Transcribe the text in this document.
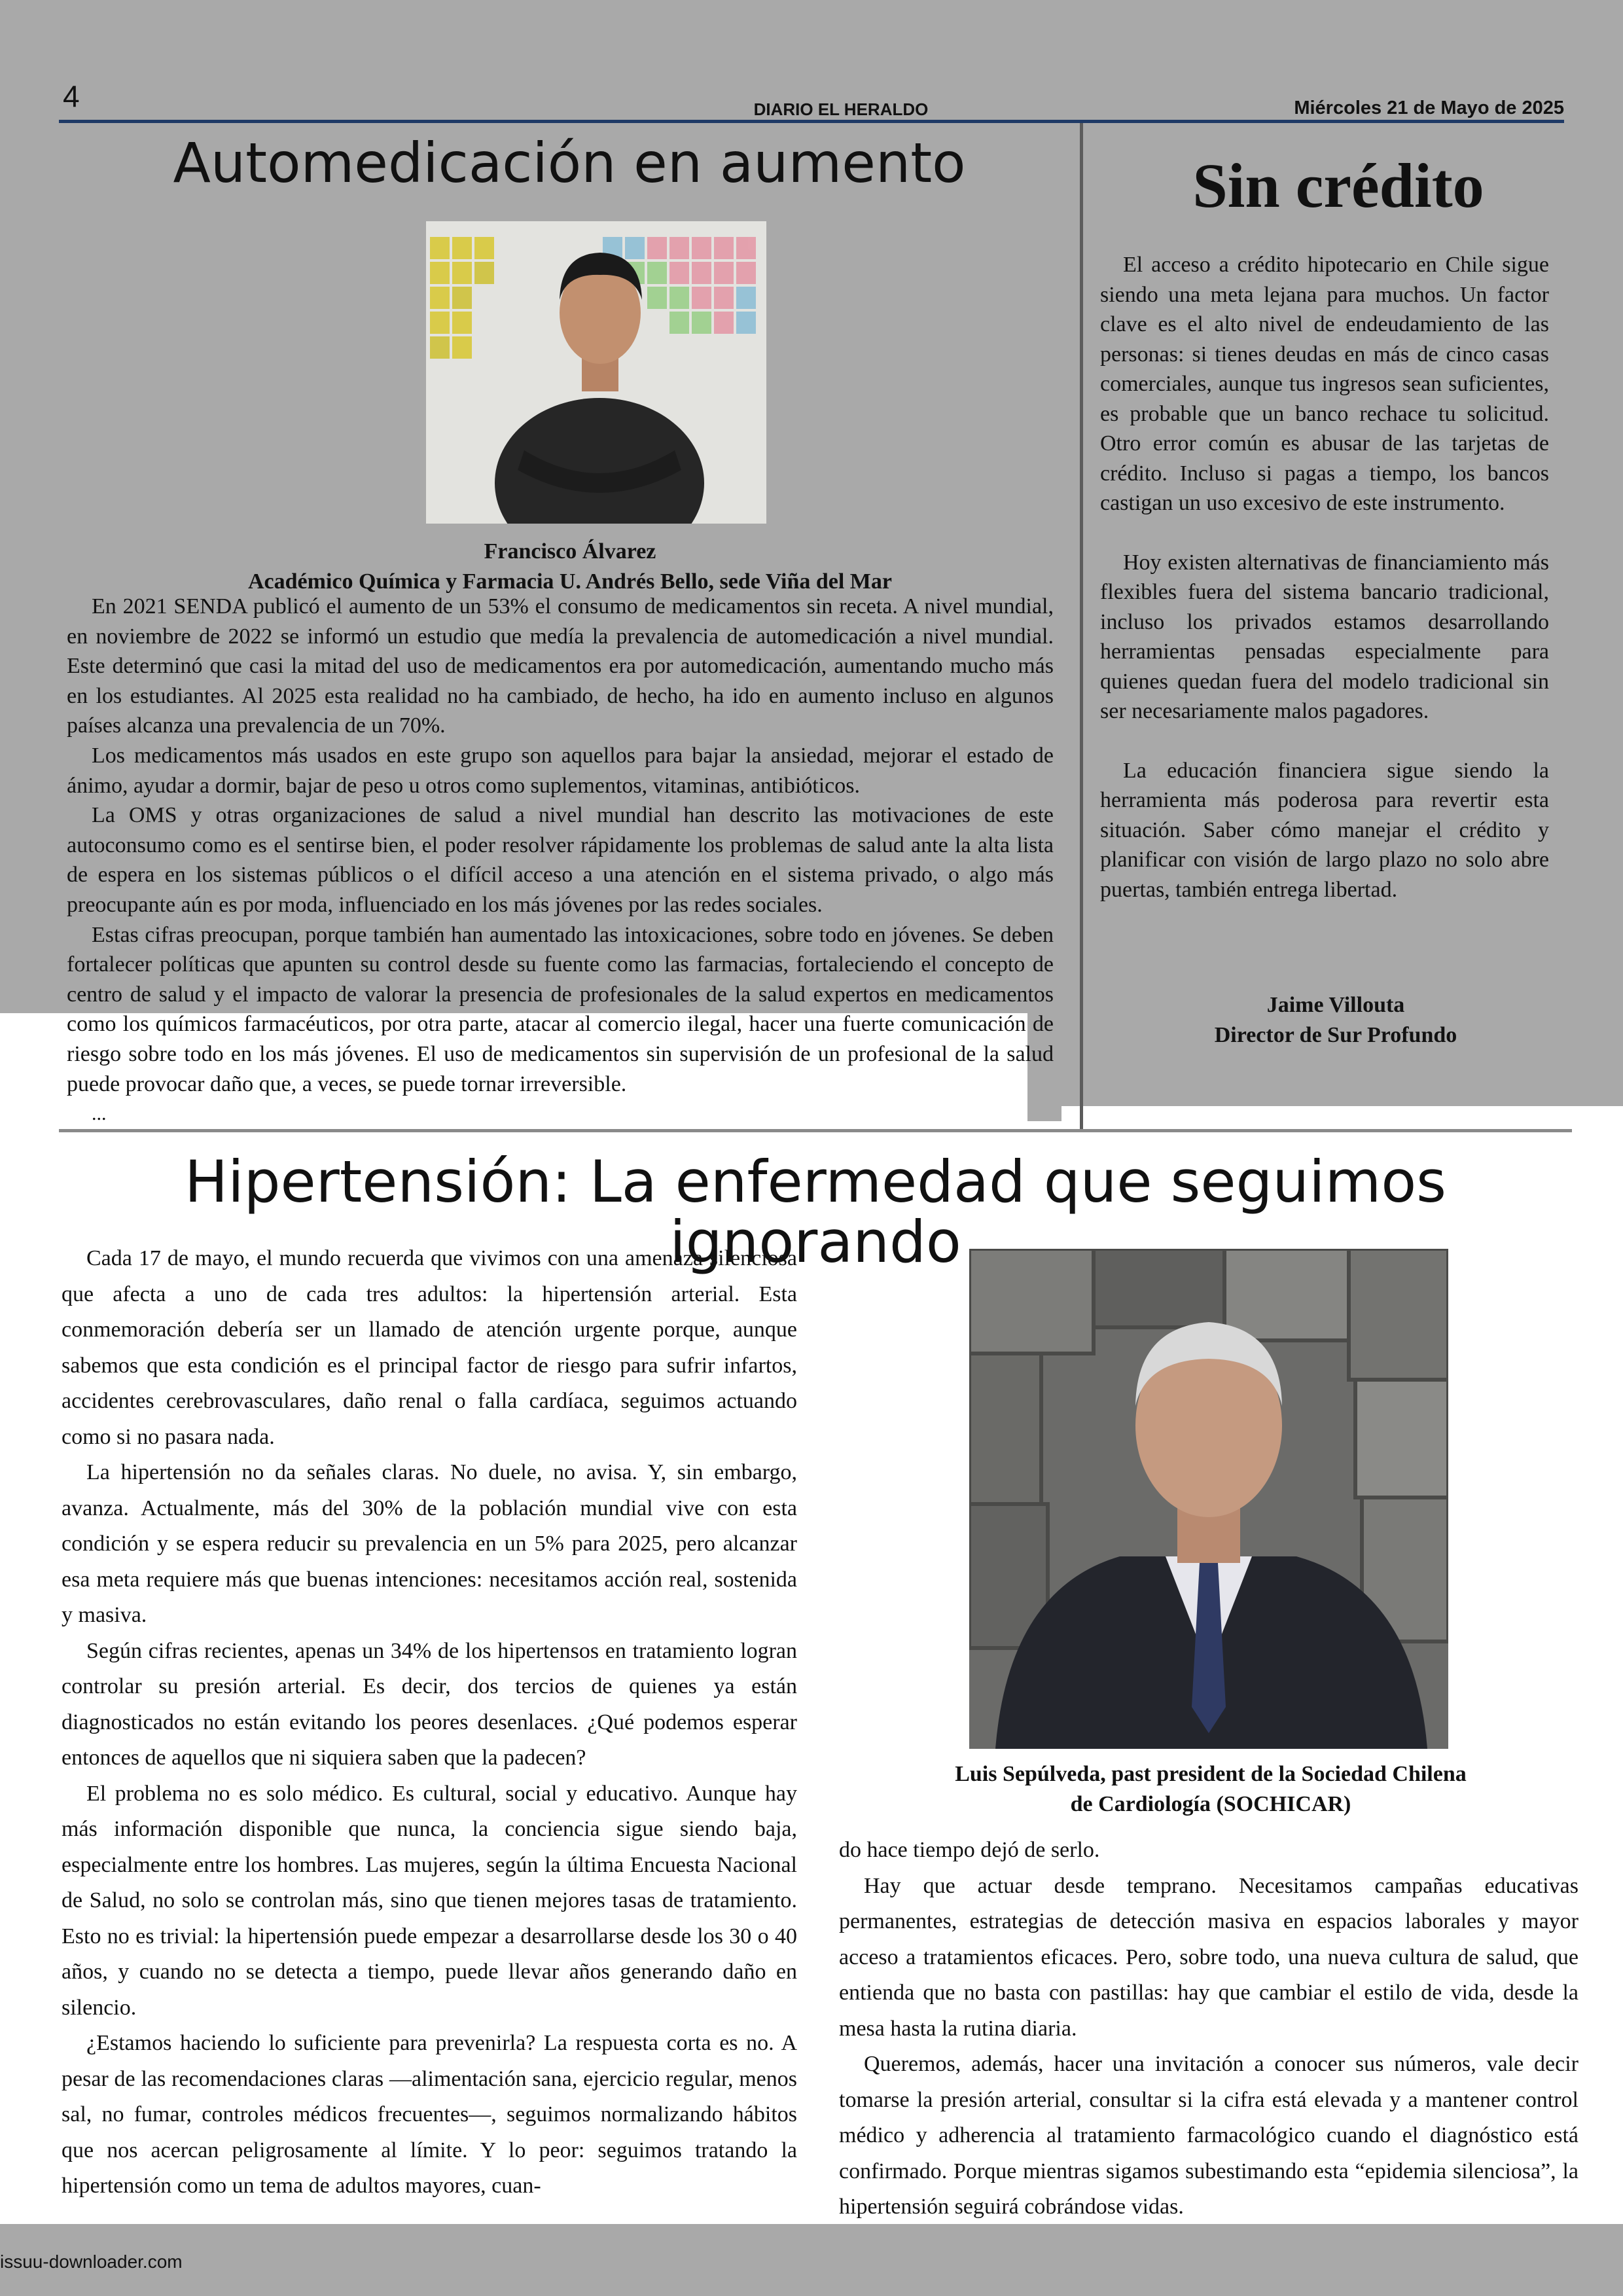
4	DIARIO EL HERALDO	Miércoles 21 de Mayo de 2025
Automedicación en aumento
Francisco Álvarez
Académico Química y Farmacia U. Andrés Bello, sede Viña del Mar

En 2021 SENDA publicó el aumento de un 53% el consumo de medicamentos sin receta. A nivel mundial, en noviembre de 2022 se informó un estudio que medía la prevalencia de automedicación a nivel mundial. Este determinó que casi la mitad del uso de medicamentos era por automedicación, aumentando mucho más en los estudiantes. Al 2025 esta realidad no ha cambiado, de hecho, ha ido en aumento incluso en algunos países alcanza una prevalencia de un 70%.

Los medicamentos más usados en este grupo son aquellos para bajar la ansiedad, mejorar el estado de ánimo, ayudar a dormir, bajar de peso u otros como suplementos, vitaminas, antibióticos.

La OMS y otras organizaciones de salud a nivel mundial han descrito las motivaciones de este autoconsumo como es el sentirse bien, el poder resolver rápidamente los problemas de salud ante la alta lista de espera en los sistemas públicos o el difícil acceso a una atención en el sistema privado, o algo más preocupante aún es por moda, influenciado en los más jóvenes por las redes sociales.

Estas cifras preocupan, porque también han aumentado las intoxicaciones, sobre todo en jóvenes. Se deben fortalecer políticas que apunten su control desde su fuente como las farmacias, fortaleciendo el concepto de centro de salud y el impacto de valorar la presencia de profesionales de la salud expertos en medicamentos como los químicos farmacéuticos, por otra parte, atacar al comercio ilegal, hacer una fuerte comunicación de riesgo sobre todo en los más jóvenes. El uso de medicamentos sin supervisión de un profesional de la salud puede provocar daño que, a veces, se puede tornar irreversible.

...
Sin crédito

El acceso a crédito hipotecario en Chile sigue siendo una meta lejana para muchos. Un factor clave es el alto nivel de endeudamiento de las personas: si tienes deudas en más de cinco casas comerciales, aunque tus ingresos sean suficientes, es probable que un banco rechace tu solicitud. Otro error común es abusar de las tarjetas de crédito. Incluso si pagas a tiempo, los bancos castigan un uso excesivo de este instrumento.

Hoy existen alternativas de financiamiento más flexibles fuera del sistema bancario tradicional, incluso los privados estamos desarrollando herramientas pensadas especialmente para quienes quedan fuera del modelo tradicional sin ser necesariamente malos pagadores.

La educación financiera sigue siendo la herramienta más poderosa para revertir esta situación. Saber cómo manejar el crédito y planificar con visión de largo plazo no solo abre puertas, también entrega libertad.

Jaime Villouta
Director de Sur Profundo
Hipertensión: La enfermedad que seguimos ignorando

Cada 17 de mayo, el mundo recuerda que vivimos con una amenaza silenciosa que afecta a uno de cada tres adultos: la hipertensión arterial. Esta conmemoración debería ser un llamado de atención urgente porque, aunque sabemos que esta condición es el principal factor de riesgo para sufrir infartos, accidentes cerebrovasculares, daño renal o falla cardíaca, seguimos actuando como si no pasara nada.

La hipertensión no da señales claras. No duele, no avisa. Y, sin embargo, avanza. Actualmente, más del 30% de la población mundial vive con esta condición y se espera reducir su prevalencia en un 5% para 2025, pero alcanzar esa meta requiere más que buenas intenciones: necesitamos acción real, sostenida y masiva.

Según cifras recientes, apenas un 34% de los hipertensos en tratamiento logran controlar su presión arterial. Es decir, dos tercios de quienes ya están diagnosticados no están evitando los peores desenlaces. ¿Qué podemos esperar entonces de aquellos que ni siquiera saben que la padecen?

El problema no es solo médico. Es cultural, social y educativo. Aunque hay más información disponible que nunca, la conciencia sigue siendo baja, especialmente entre los hombres. Las mujeres, según la última Encuesta Nacional de Salud, no solo se controlan más, sino que tienen mejores tasas de tratamiento. Esto no es trivial: la hipertensión puede empezar a desarrollarse desde los 30 o 40 años, y cuando no se detecta a tiempo, puede llevar años generando daño en silencio.

¿Estamos haciendo lo suficiente para prevenirla? La respuesta corta es no. A pesar de las recomendaciones claras —alimentación sana, ejercicio regular, menos sal, no fumar, controles médicos frecuentes—, seguimos normalizando hábitos que nos acercan peligrosamente al límite. Y lo peor: seguimos tratando la hipertensión como un tema de adultos mayores, cuan-

Luis Sepúlveda, past president de la Sociedad Chilena
de Cardiología (SOCHICAR)

do hace tiempo dejó de serlo.

Hay que actuar desde temprano. Necesitamos campañas educativas permanentes, estrategias de detección masiva en espacios laborales y mayor acceso a tratamientos eficaces. Pero, sobre todo, una nueva cultura de salud, que entienda que no basta con pastillas: hay que cambiar el estilo de vida, desde la mesa hasta la rutina diaria.

Queremos, además, hacer una invitación a conocer sus números, vale decir tomarse la presión arterial, consultar si la cifra está elevada y a mantener control médico y adherencia al tratamiento farmacológico cuando el diagnóstico está confirmado. Porque mientras sigamos subestimando esta “epidemia silenciosa”, la hipertensión seguirá cobrándose vidas.

issuu-downloader.com
